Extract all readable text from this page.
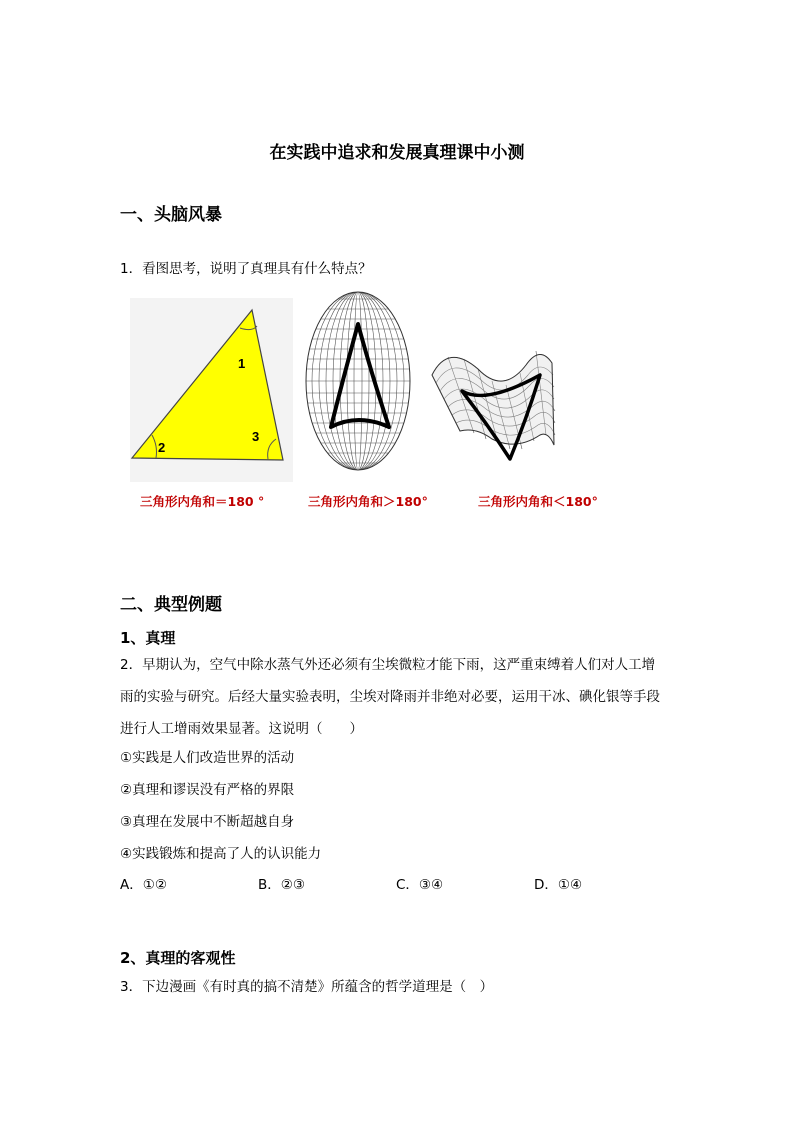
在实践中追求和发展真理课中小测
一、头脑风暴
1．看图思考，说明了真理具有什么特点？
1
2
3
三角形内角和＝180 °	三角形内角和＞180°	三角形内角和＜180°
二、典型例题
1、真理
2．早期认为，空气中除水蒸气外还必须有尘埃微粒才能下雨，这严重束缚着人们对人工增
雨的实验与研究。后经大量实验表明，尘埃对降雨并非绝对必要，运用干冰、碘化银等手段
进行人工增雨效果显著。这说明（　　）
①实践是人们改造世界的活动
②真理和谬误没有严格的界限
③真理在发展中不断超越自身
④实践锻炼和提高了人的认识能力
A．①②	B．②③	C．③④	D．①④
2、真理的客观性
3．下边漫画《有时真的搞不清楚》所蕴含的哲学道理是（　）
